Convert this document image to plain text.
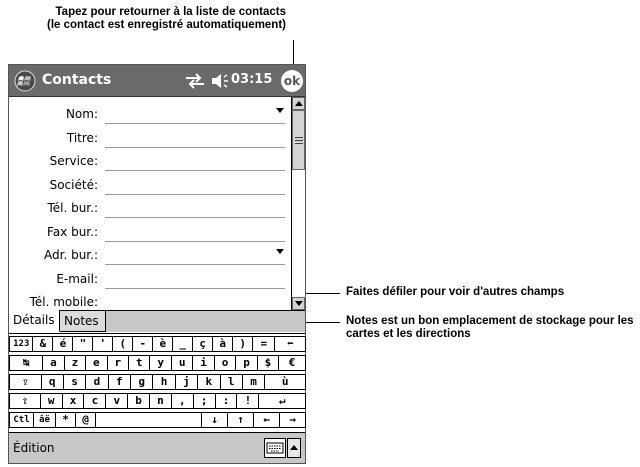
Tapez pour retourner à la liste de contacts (le contact est enregistré automatiquement)
Faites défiler pour voir d'autres champs
Notes est un bon emplacement de stockage pour les cartes et les directions
Contacts	03:15 ok
Nom:
Titre:
Service:
Société:
Tél. bur.:
Fax bur.:
Adr. bur.:
E-mail:
Tél. mobile:
Détails Notes
123 &	é	"	'	(	-	è	_	ç	à	)	=	⬅
↹	a	z	e	r	t	y	u	i	o	p	$	€
⇪	q	s	d	f	g	h	j	k	l	m	ù
⇧	w	x	c	v	b	n	,	;	:	!	↵
Ctl	âë	*	@	↓	↑	←	→
Édition
